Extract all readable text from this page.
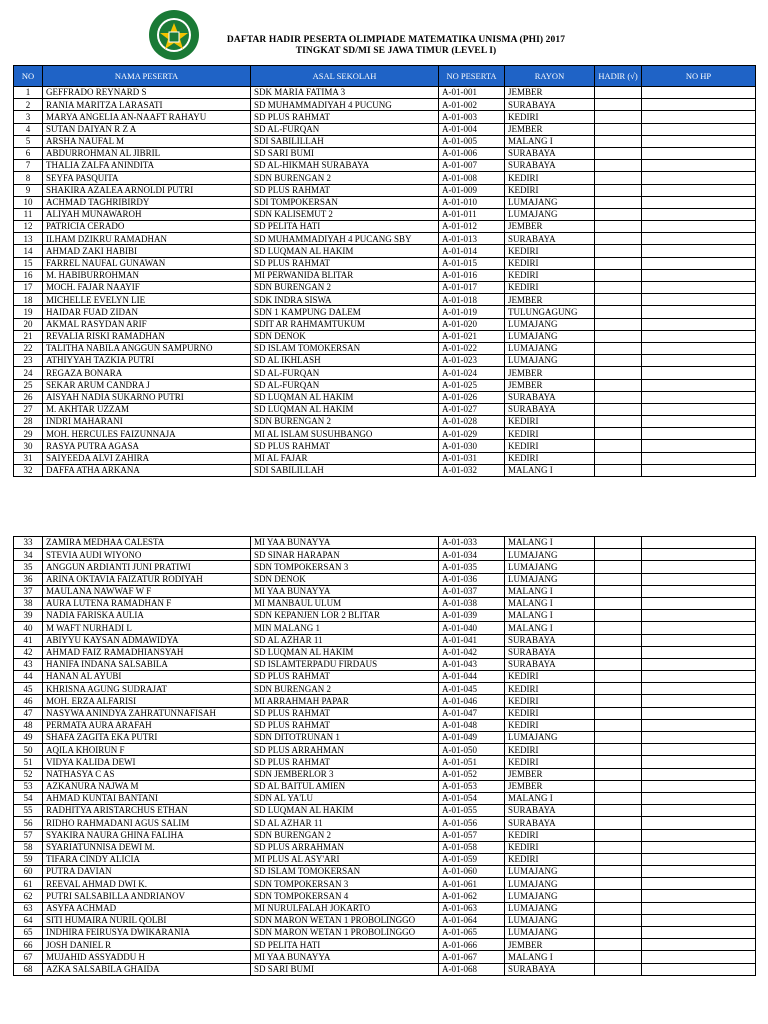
DAFTAR HADIR PESERTA OLIMPIADE MATEMATIKA UNISMA (PHI) 2017
TINGKAT SD/MI SE JAWA TIMUR (LEVEL I)
NO	NAMA PESERTA	ASAL SEKOLAH	NO PESERTA	RAYON	HADIR (√)	NO HP
1	GEFFRADO REYNARD S	SDK MARIA FATIMA 3	A-01-001	JEMBER		
2	RANIA MARITZA LARASATI	SD MUHAMMADIYAH 4 PUCUNG	A-01-002	SURABAYA		
3	MARYA ANGELIA AN-NAAFT RAHAYU	SD PLUS RAHMAT	A-01-003	KEDIRI		
4	SUTAN DAIYAN R Z A	SD AL-FURQAN	A-01-004	JEMBER		
5	ARSHA NAUFAL M	SDI SABILILLAH	A-01-005	MALANG I		
6	ABDURROHMAN AL JIBRIL	SD SARI BUMI	A-01-006	SURABAYA		
7	THALIA ZALFA ANINDITA	SD AL-HIKMAH SURABAYA	A-01-007	SURABAYA		
8	SEYFA PASQUITA	SDN BURENGAN 2	A-01-008	KEDIRI		
9	SHAKIRA AZALEA ARNOLDI PUTRI	SD PLUS RAHMAT	A-01-009	KEDIRI		
10	ACHMAD TAGHRIBIRDY	SDI TOMPOKERSAN	A-01-010	LUMAJANG		
11	ALIYAH MUNAWAROH	SDN KALISEMUT 2	A-01-011	LUMAJANG		
12	PATRICIA CERADO	SD PELITA HATI	A-01-012	JEMBER		
13	ILHAM DZIKRU RAMADHAN	SD MUHAMMADIYAH 4 PUCANG SBY	A-01-013	SURABAYA		
14	AHMAD ZAKI HABIBI	SD LUQMAN AL HAKIM	A-01-014	KEDIRI		
15	FARREL NAUFAL GUNAWAN	SD PLUS RAHMAT	A-01-015	KEDIRI		
16	M. HABIBURROHMAN	MI PERWANIDA BLITAR	A-01-016	KEDIRI		
17	MOCH. FAJAR NAAYIF	SDN BURENGAN 2	A-01-017	KEDIRI		
18	MICHELLE EVELYN LIE	SDK INDRA SISWA	A-01-018	JEMBER		
19	HAIDAR FUAD ZIDAN	SDN 1 KAMPUNG DALEM	A-01-019	TULUNGAGUNG		
20	AKMAL RASYDAN ARIF	SDIT AR RAHMAMTUKUM	A-01-020	LUMAJANG		
21	REVALIA RISKI RAMADHAN	SDN DENOK	A-01-021	LUMAJANG		
22	TALITHA NABILA ANGGUN SAMPURNO	SD ISLAM TOMOKERSAN	A-01-022	LUMAJANG		
23	ATHIYYAH TAZKIA PUTRI	SD AL IKHLASH	A-01-023	LUMAJANG		
24	REGAZA BONARA	SD AL-FURQAN	A-01-024	JEMBER		
25	SEKAR ARUM CANDRA J	SD AL-FURQAN	A-01-025	JEMBER		
26	AISYAH NADIA SUKARNO PUTRI	SD LUQMAN AL HAKIM	A-01-026	SURABAYA		
27	M. AKHTAR UZZAM	SD LUQMAN AL HAKIM	A-01-027	SURABAYA		
28	INDRI MAHARANI	SDN BURENGAN 2	A-01-028	KEDIRI		
29	MOH. HERCULES FAIZUNNAJA	MI AL ISLAM SUSUHBANGO	A-01-029	KEDIRI		
30	RASYA PUTRA AGASA	SD PLUS RAHMAT	A-01-030	KEDIRI		
31	SAIYEEDA ALVI ZAHIRA	MI AL FAJAR	A-01-031	KEDIRI		
32	DAFFA ATHA ARKANA	SDI SABILILLAH	A-01-032	MALANG I		
33	ZAMIRA MEDHAA CALESTA	MI YAA BUNAYYA	A-01-033	MALANG I		
34	STEVIA AUDI WIYONO	SD SINAR HARAPAN	A-01-034	LUMAJANG		
35	ANGGUN ARDIANTI JUNI PRATIWI	SDN TOMPOKERSAN 3	A-01-035	LUMAJANG		
36	ARINA OKTAVIA FAIZATUR RODIYAH	SDN DENOK	A-01-036	LUMAJANG		
37	MAULANA NAWWAF W F	MI YAA BUNAYYA	A-01-037	MALANG I		
38	AURA LUTENA RAMADHAN F	MI MANBAUL ULUM	A-01-038	MALANG I		
39	NADIA FARISKA AULIA	SDN KEPANJEN LOR 2 BLITAR	A-01-039	MALANG I		
40	M WAFT NURHADI L	MIN MALANG 1	A-01-040	MALANG I		
41	ABIYYU KAYSAN ADMAWIDYA	SD AL AZHAR 11	A-01-041	SURABAYA		
42	AHMAD FAIZ RAMADHIANSYAH	SD LUQMAN AL HAKIM	A-01-042	SURABAYA		
43	HANIFA INDANA SALSABILA	SD ISLAMTERPADU FIRDAUS	A-01-043	SURABAYA		
44	HANAN AL AYUBI	SD PLUS RAHMAT	A-01-044	KEDIRI		
45	KHRISNA AGUNG SUDRAJAT	SDN BURENGAN 2	A-01-045	KEDIRI		
46	MOH. ERZA ALFARISI	MI ARRAHMAH PAPAR	A-01-046	KEDIRI		
47	NASYWA ANINDYA ZAHRATUNNAFISAH	SD PLUS RAHMAT	A-01-047	KEDIRI		
48	PERMATA AURA ARAFAH	SD PLUS RAHMAT	A-01-048	KEDIRI		
49	SHAFA ZAGITA EKA PUTRI	SDN DITOTRUNAN 1	A-01-049	LUMAJANG		
50	AQILA KHOIRUN F	SD PLUS ARRAHMAN	A-01-050	KEDIRI		
51	VIDYA KALIDA DEWI	SD PLUS RAHMAT	A-01-051	KEDIRI		
52	NATHASYA C AS	SDN JEMBERLOR 3	A-01-052	JEMBER		
53	AZKANURA NAJWA M	SD AL BAITUL AMIEN	A-01-053	JEMBER		
54	AHMAD KUNTAI BANTANI	SDN AL YA'LU	A-01-054	MALANG I		
55	RADHITYA ARISTARCHUS ETHAN	SD LUQMAN AL HAKIM	A-01-055	SURABAYA		
56	RIDHO RAHMADANI AGUS SALIM	SD AL AZHAR 11	A-01-056	SURABAYA		
57	SYAKIRA NAURA GHINA FALIHA	SDN BURENGAN 2	A-01-057	KEDIRI		
58	SYARIATUNNISA DEWI M.	SD PLUS ARRAHMAN	A-01-058	KEDIRI		
59	TIFARA CINDY ALICIA	MI PLUS AL ASY'ARI	A-01-059	KEDIRI		
60	PUTRA DAVIAN	SD ISLAM TOMOKERSAN	A-01-060	LUMAJANG		
61	REEVAL AHMAD DWI K.	SDN TOMPOKERSAN 3	A-01-061	LUMAJANG		
62	PUTRI SALSABILLA ANDRIANOV	SDN TOMPOKERSAN 4	A-01-062	LUMAJANG		
63	ASYFA ACHMAD	MI NURULFALAH JOKARTO	A-01-063	LUMAJANG		
64	SITI HUMAIRA NURIL QOLBI	SDN MARON WETAN 1 PROBOLINGGO	A-01-064	LUMAJANG		
65	INDHIRA FEIRUSYA DWIKARANIA	SDN MARON WETAN 1 PROBOLINGGO	A-01-065	LUMAJANG		
66	JOSH DANIEL R	SD PELITA HATI	A-01-066	JEMBER		
67	MUJAHID ASSYADDU H	MI YAA BUNAYYA	A-01-067	MALANG I		
68	AZKA SALSABILA GHAIDA	SD SARI BUMI	A-01-068	SURABAYA		
